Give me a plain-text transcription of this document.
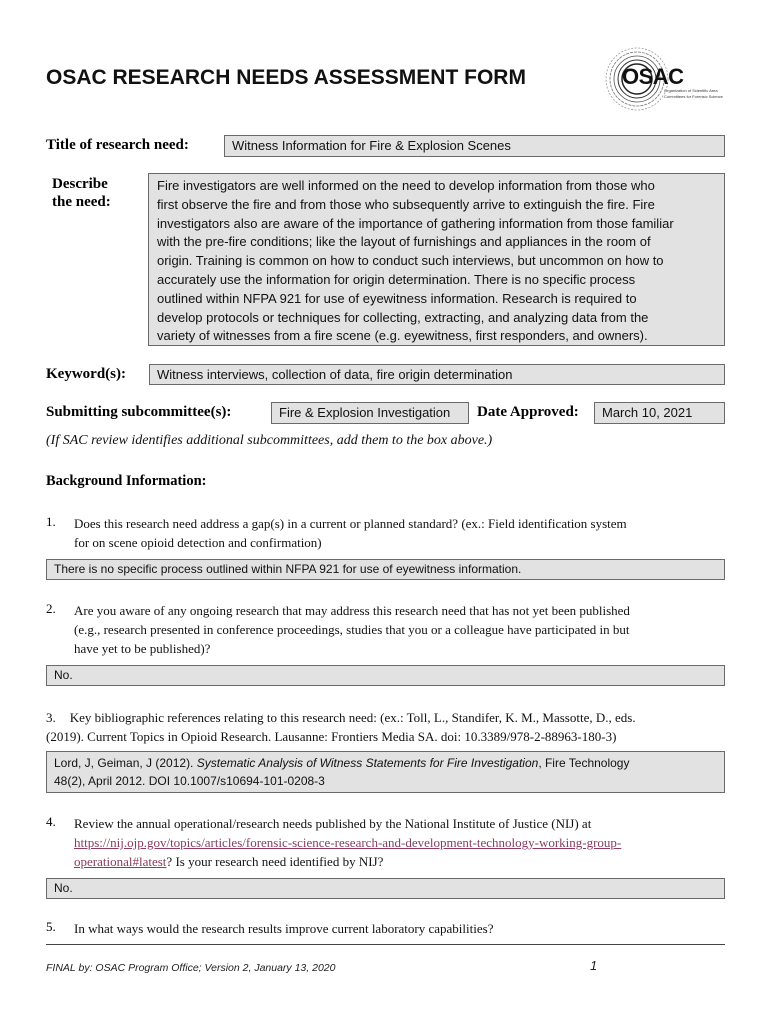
OSAC RESEARCH NEEDS ASSESSMENT FORM	OSAC
Organization of Scientific Area
Committees for Forensic Science
Title of research need:	Witness Information for Fire & Explosion Scenes
Describe
the need:
Fire investigators are well informed on the need to develop information from those who
first observe the fire and from those who subsequently arrive to extinguish the fire. Fire
investigators also are aware of the importance of gathering information from those familiar
with the pre-fire conditions; like the layout of furnishings and appliances in the room of
origin. Training is common on how to conduct such interviews, but uncommon on how to
accurately use the information for origin determination. There is no specific process
outlined within NFPA 921 for use of eyewitness information. Research is required to
develop protocols or techniques for collecting, extracting, and analyzing data from the
variety of witnesses from a fire scene (e.g. eyewitness, first responders, and owners).
Keyword(s):	Witness interviews, collection of data, fire origin determination
Submitting subcommittee(s):	Fire & Explosion Investigation	Date Approved:	March 10, 2021
(If SAC review identifies additional subcommittees, add them to the box above.)
Background Information:
1. Does this research need address a gap(s) in a current or planned standard? (ex.: Field identification system
for on scene opioid detection and confirmation)
There is no specific process outlined within NFPA 921 for use of eyewitness information.
2. Are you aware of any ongoing research that may address this research need that has not yet been published
(e.g., research presented in conference proceedings, studies that you or a colleague have participated in but
have yet to be published)?
No.
3. Key bibliographic references relating to this research need: (ex.: Toll, L., Standifer, K. M., Massotte, D., eds.
(2019). Current Topics in Opioid Research. Lausanne: Frontiers Media SA. doi: 10.3389/978-2-88963-180-3)
Lord, J, Geiman, J (2012). Systematic Analysis of Witness Statements for Fire Investigation, Fire Technology
48(2), April 2012. DOI 10.1007/s10694-101-0208-3
4. Review the annual operational/research needs published by the National Institute of Justice (NIJ) at
https://nij.ojp.gov/topics/articles/forensic-science-research-and-development-technology-working-group-
operational#latest? Is your research need identified by NIJ?
No.
5. In what ways would the research results improve current laboratory capabilities?
FINAL by: OSAC Program Office; Version 2, January 13, 2020	1
